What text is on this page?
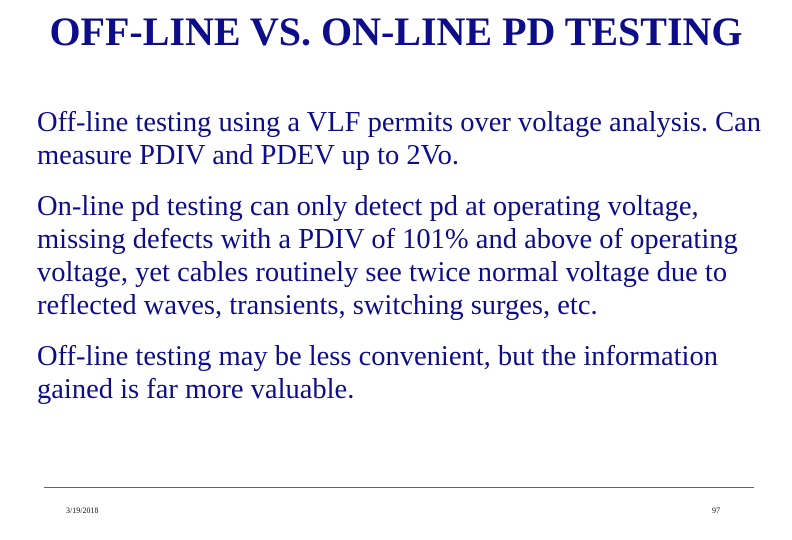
OFF-LINE VS. ON-LINE PD TESTING

Off-line testing using a VLF permits over voltage analysis. Can measure PDIV and PDEV up to 2Vo.

On-line pd testing can only detect pd at operating voltage, missing defects with a PDIV of 101% and above of operating voltage, yet cables routinely see twice normal voltage due to reflected waves, transients, switching surges, etc.

Off-line testing may be less convenient, but the information gained is far more valuable.

3/19/2018	97
